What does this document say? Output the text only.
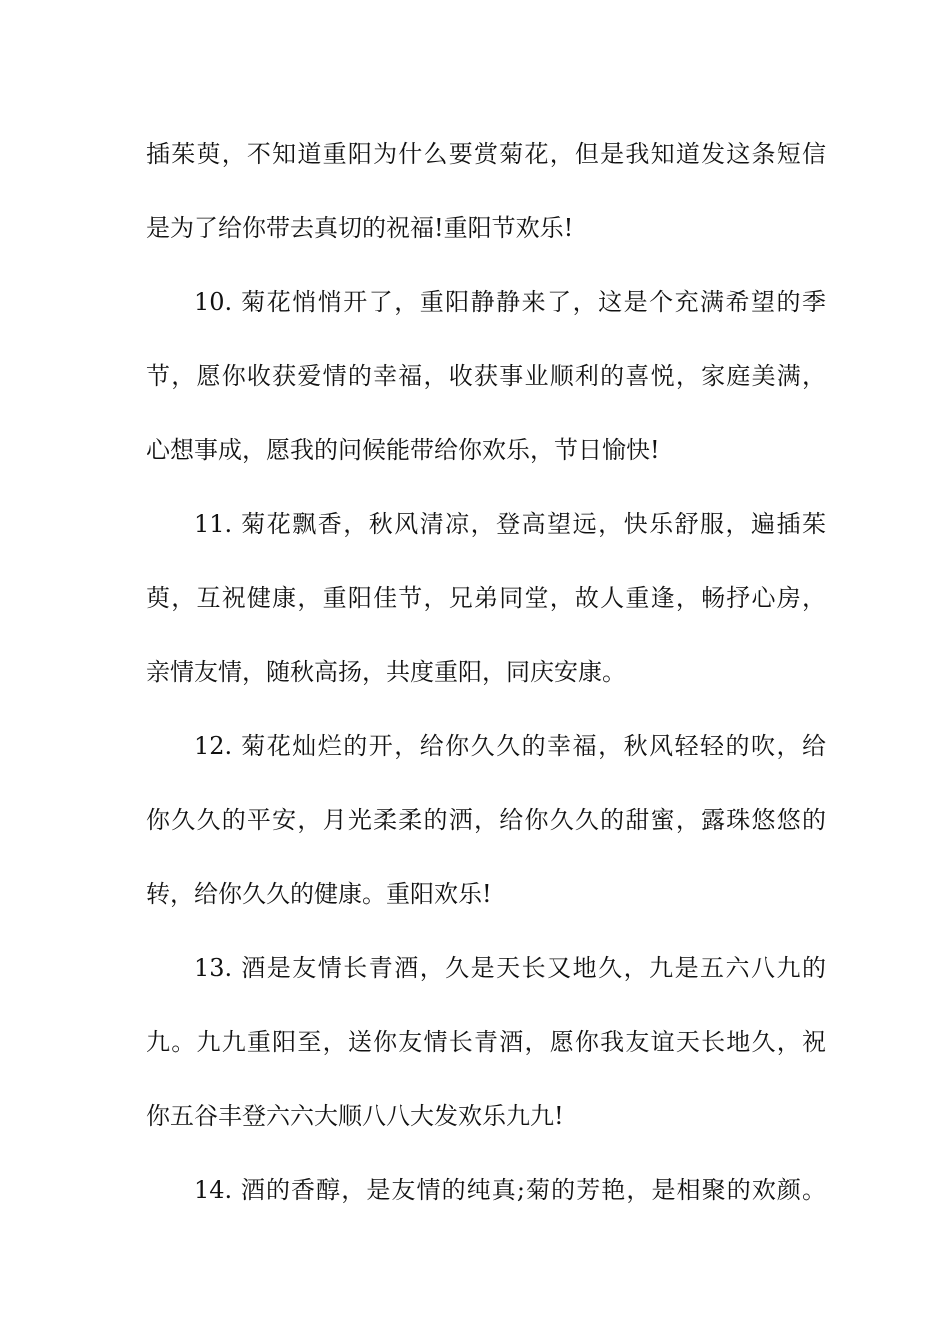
插茱萸，不知道重阳为什么要赏菊花，但是我知道发这条短信
是为了给你带去真切的祝福!重阳节欢乐!
10. 菊花悄悄开了，重阳静静来了，这是个充满希望的季
节，愿你收获爱情的幸福，收获事业顺利的喜悦，家庭美满，
心想事成，愿我的问候能带给你欢乐，节日愉快!
11. 菊花飘香，秋风清凉，登高望远，快乐舒服，遍插茱
萸，互祝健康，重阳佳节，兄弟同堂，故人重逢，畅抒心房，
亲情友情，随秋高扬，共度重阳，同庆安康。
12. 菊花灿烂的开，给你久久的幸福，秋风轻轻的吹，给
你久久的平安，月光柔柔的洒，给你久久的甜蜜，露珠悠悠的
转，给你久久的健康。重阳欢乐!
13. 酒是友情长青酒，久是天长又地久，九是五六八九的
九。九九重阳至，送你友情长青酒，愿你我友谊天长地久，祝
你五谷丰登六六大顺八八大发欢乐九九!
14. 酒的香醇，是友情的纯真;菊的芳艳，是相聚的欢颜。
